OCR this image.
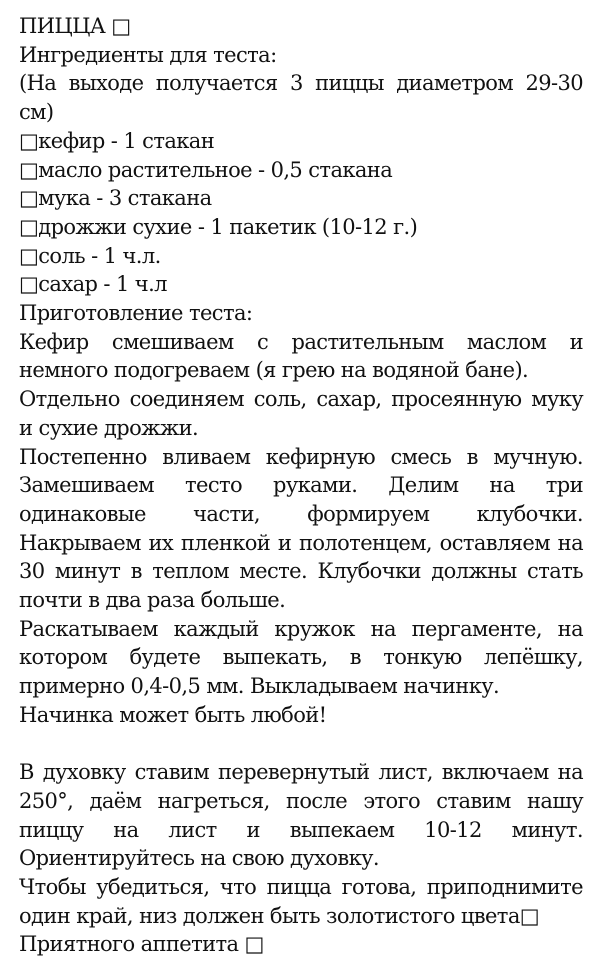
ПИЦЦА □

Ингредиенты для теста:

(На выходе получается 3 пиццы диаметром 29-30 см)

□кефир - 1 стакан

□масло растительное - 0,5 стакана

□мука - 3 стакана

□дрожжи сухие - 1 пакетик (10-12 г.)

□соль - 1 ч.л.

□сахар - 1 ч.л

Приготовление теста:

Кефир смешиваем с растительным маслом и немного подогреваем (я грею на водяной бане).

Отдельно соединяем соль, сахар, просеянную муку и сухие дрожжи.

Постепенно вливаем кефирную смесь в мучную. Замешиваем тесто руками. Делим на три одинаковые части, формируем клубочки. Накрываем их пленкой и полотенцем, оставляем на 30 минут в теплом месте. Клубочки должны стать почти в два раза больше.

Раскатываем каждый кружок на пергаменте, на котором будете выпекать, в тонкую лепёшку, примерно 0,4-0,5 мм. Выкладываем начинку.

Начинка может быть любой!

В духовку ставим перевернутый лист, включаем на 250°, даём нагреться, после этого ставим нашу пиццу на лист и выпекаем 10-12 минут. Ориентируйтесь на свою духовку.

Чтобы убедиться, что пицца готова, приподнимите один край, низ должен быть золотистого цвета□

Приятного аппетита □
